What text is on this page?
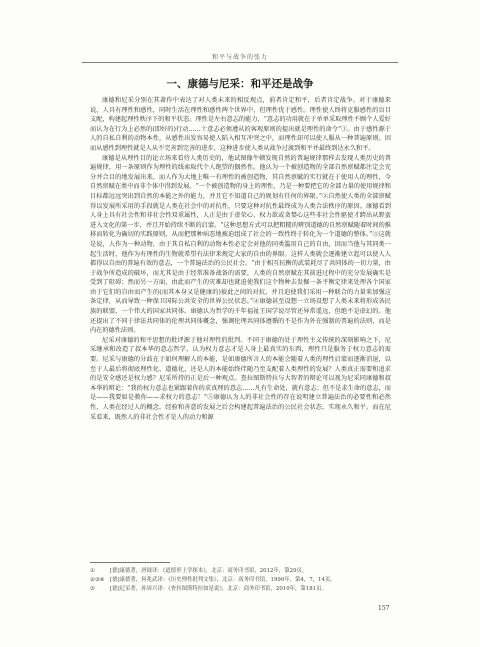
和平与战争的张力
一、康德与尼采：和平还是战争

康德和尼采分别在其著作中表达了对人类未来的相反观点，前者肯定和平，后者肯定战争。对于康德来说，人具有理性和感性，同时生活在理性和感性两个世界中，但理性优于感性。理性使人终将克服感性的盲目支配，构建起理性秩序下的和平状态。理性是左右意志的能力，“意志的功用就在于单单采取理性不顾个人爱好而认为在行为上必然的(即好的)行动……十意志必须遵从的客观原则的提出就是理性的命令”①。由于感性源于人的自私自利的动物本性，从感性出发容易使人陷入相互冲突之中，而理性却可以使人服从一种普遍原则。因而从感性到理性就是人从不完善到完善的进步，这种进步使人类从战争过渡到和平并最终到达永久和平。

康德是从理性目的论立场来看待人类历史的，他试图像牛顿发现自然的普遍规律那样去发现人类历史的普遍规律，用一条原则作为理性的线索取代个人绝望的偶然性。他认为一个被创造物的全部自然禀赋都注定会充分并合目的地发展出来，而人作为大地上唯一有理性的被创造物，其自然禀赋的实行就在于使用人的理性，今自然禀赋在类中而非个体中得到发展。“一个被创造物的身上的理性，乃是一种要把它的全部力量的使用规律和目标都远远突出到自然的本能之外的能力，并且它不知道自己的规划有任何的界限。”②自然使人类的全部禀赋得以发展所采用的手段就是人类在社会中的对抗性，只要这种对抗性最终成为人类合法秩序的原因。康德看到人身上具有社会性和非社会性双重属性，人正是由于虚荣心、权力欲或贪婪心这些非社会性驱使才跨出从野蛮进入文化的第一步，并且开始持续不断的启蒙。“这种思想方式可以把粗糙的辨别道德的自然禀赋随着时间的推移而转化为确切的实践原则，从而把那种病态地被迫组成了社会的一致性终于转化为一个道德的整体。”③这就是说，人作为一种动物，由于其自私自利的动物本性必定会对他的同类滥用自己的自由，因而当他与其同类一起生活时，他作为有理性的生物就希望有法律来规定大家的自由的界限。这样人类就会逐渐建立起可以使人人都得以自由的普遍有效的意志，一个普遍法治的公民社会。“由于相互抗衡的武装耗尽了共同体的一切力量，由于战争所造成的破坏，而尤其是由于经常准备战备的需要，人类的自然禀赋在其前进过程中的充分发展确实是受到了阻碍；然而另一方面，由此而产生的灾难却也就迫使我们这个物种去发掘一条平衡定律来处理各个国家由于它们的自由而产生的(而其本身又是健康的)彼此之间的对抗，并且迫使我们采用一种联合的力量来加强这条定律，从而导致一种保卫国际公共安全的世界公民状态。”④康德甚至设想一立场设想了人类未来将形成各民族的联盟，一个伟大的国家共同体。康德认为哲学的千年福祉王国学说尽管还异常遥远，但绝不是虚幻的。他还提出了不同于律法共同体的伦理共同体概念，强调伦理共同体遵循的不是作为外在强制的普遍的法则，而是内在的德性法则。

尼采对康德的和平思想的批评源于他对理性的批判。不同于康德的处于理性主义传统的深刻影响之下，尼采继承和改造了叔本华的意志哲学，认为权力意志才是人身上最真实的东西，理性只是服务于权力意志的需要。尼采与康德的分歧在于如何理解人的本能，是如康德所言人的本能会随着人类的理性启蒙而逐渐消退，以至于人最后将彻底理性化、道德化，还是人的本能始终伴随乃至支配着人类理性的发展？人类真正需要和追求的是安全感还是权力感？尼采所持的正是后一种观点。查拉图斯特拉与大智者的辩论可以视为尼采同康德和叔本华的辩论：“我的权力意志也紧跟着你的求真理的意志……凡有生命处，就有意志；但不是求生命的意志，而是——我要如是教你——求权力的意志！”⑤康德认为人的非社会性的存在说明建立普遍法治的必要性和必然性，人类在经过人的概念，经验和善意的发展之后会构建起普遍法治的公民社会状态，实现永久和平。而在尼采看来，既然人的非社会性才是人的动力和源

①	[德]康德著，唐钺译：《道德形上学探本》，北京：商务印书馆，2012年，第29页。
②③④	[德]康德著，何兆武译：《历史理性批判文集》，北京：商务印书馆，1990年，第4，7，14页。
⑤	[德]尼采著，孙周兴译：《查拉图斯特拉如是说》，北京：商务印书馆，2010年，第181页。
157
